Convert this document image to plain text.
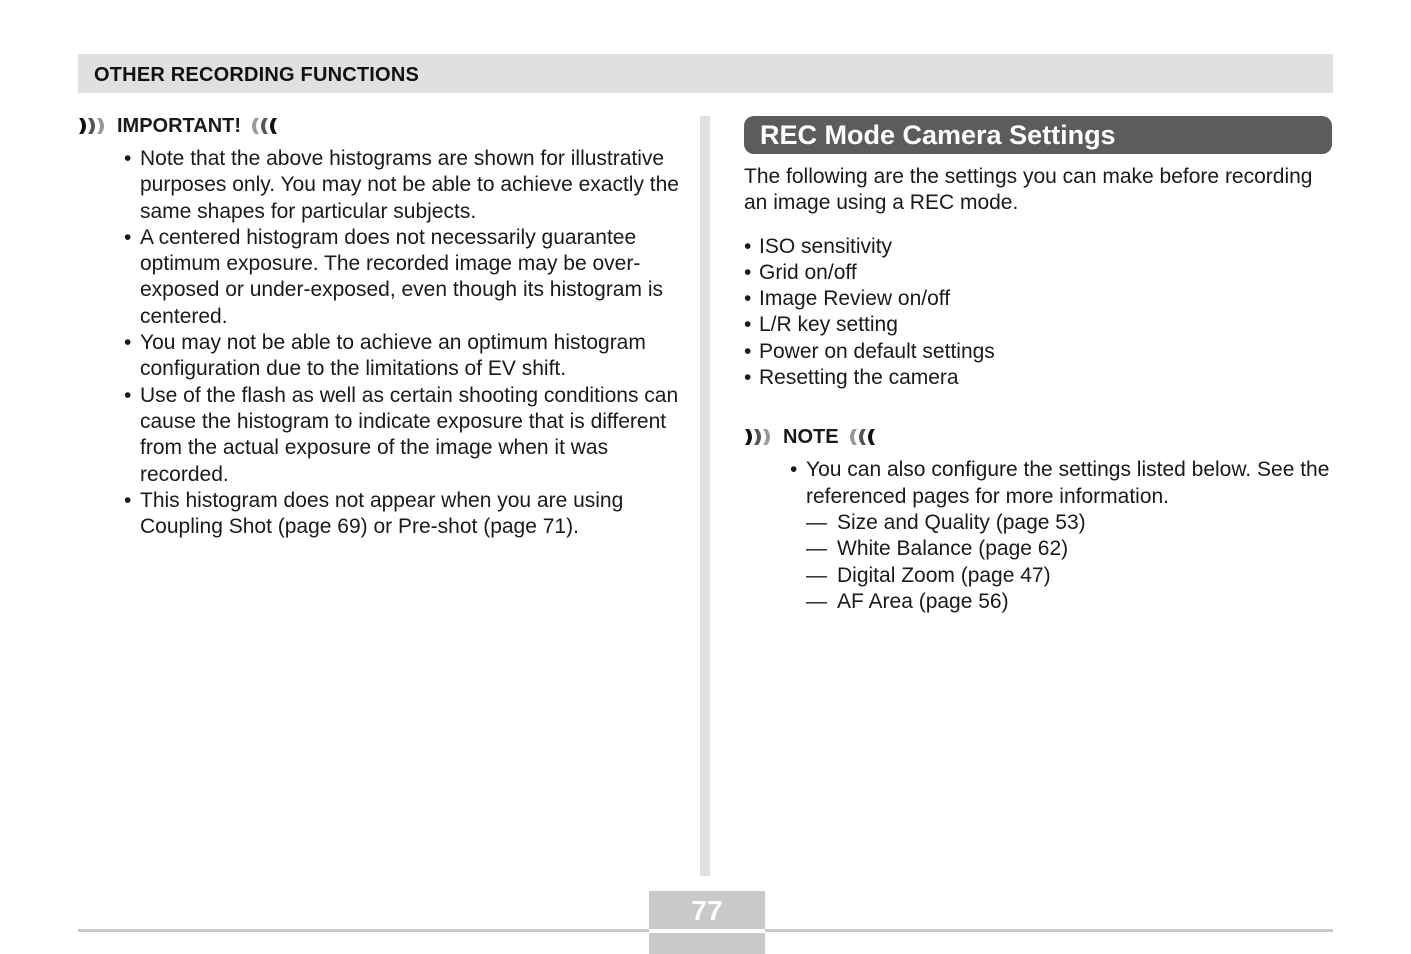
OTHER RECORDING FUNCTIONS
IMPORTANT!
• Note that the above histograms are shown for illustrative purposes only. You may not be able to achieve exactly the same shapes for particular subjects.
• A centered histogram does not necessarily guarantee optimum exposure. The recorded image may be over-exposed or under-exposed, even though its histogram is centered.
• You may not be able to achieve an optimum histogram configuration due to the limitations of EV shift.
• Use of the flash as well as certain shooting conditions can cause the histogram to indicate exposure that is different from the actual exposure of the image when it was recorded.
• This histogram does not appear when you are using Coupling Shot (page 69) or Pre-shot (page 71).
REC Mode Camera Settings
The following are the settings you can make before recording an image using a REC mode.
• ISO sensitivity
• Grid on/off
• Image Review on/off
• L/R key setting
• Power on default settings
• Resetting the camera
NOTE
• You can also configure the settings listed below. See the referenced pages for more information.
— Size and Quality (page 53)
— White Balance (page 62)
— Digital Zoom (page 47)
— AF Area (page 56)
77
